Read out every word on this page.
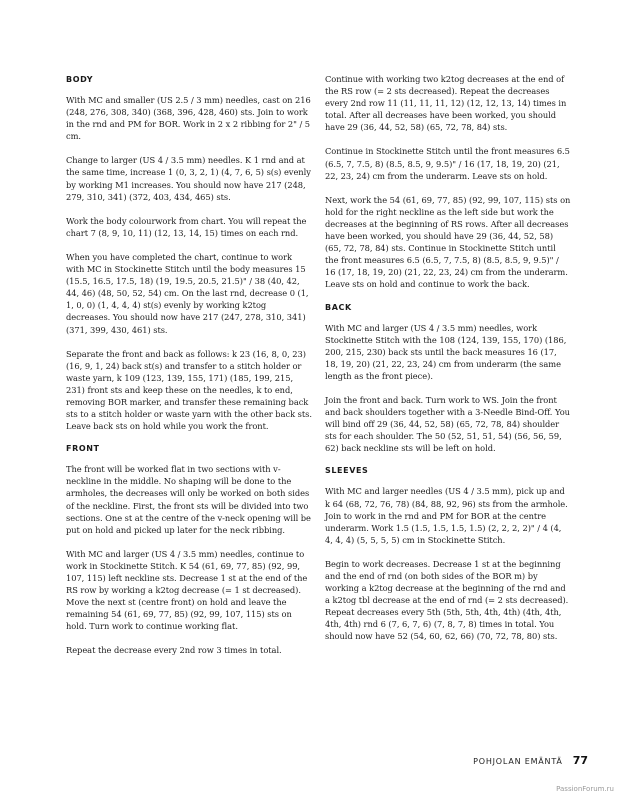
BODY

With MC and smaller (US 2.5 / 3 mm) needles, cast on 216 (248, 276, 308, 340) (368, 396, 428, 460) sts. Join to work in the rnd and PM for BOR. Work in 2 x 2 ribbing for 2" / 5 cm.

Change to larger (US 4 / 3.5 mm) needles. K 1 rnd and at the same time, increase 1 (0, 3, 2, 1) (4, 7, 6, 5) s(s) evenly by working M1 increases. You should now have 217 (248, 279, 310, 341) (372, 403, 434, 465) sts.

Work the body colourwork from chart. You will repeat the chart 7 (8, 9, 10, 11) (12, 13, 14, 15) times on each rnd.

When you have completed the chart, continue to work with MC in Stockinette Stitch until the body measures 15 (15.5, 16.5, 17.5, 18) (19, 19.5, 20.5, 21.5)" / 38 (40, 42, 44, 46) (48, 50, 52, 54) cm. On the last rnd, decrease 0 (1, 1, 0, 0) (1, 4, 4, 4) st(s) evenly by working k2tog decreases. You should now have 217 (247, 278, 310, 341) (371, 399, 430, 461) sts.

Separate the front and back as follows: k 23 (16, 8, 0, 23) (16, 9, 1, 24) back st(s) and transfer to a stitch holder or waste yarn, k 109 (123, 139, 155, 171) (185, 199, 215, 231) front sts and keep these on the needles, k to end, removing BOR marker, and transfer these remaining back sts to a stitch holder or waste yarn with the other back sts. Leave back sts on hold while you work the front.

FRONT

The front will be worked flat in two sections with v-neckline in the middle. No shaping will be done to the armholes, the decreases will only be worked on both sides of the neckline. First, the front sts will be divided into two sections. One st at the centre of the v-neck opening will be put on hold and picked up later for the neck ribbing.

With MC and larger (US 4 / 3.5 mm) needles, continue to work in Stockinette Stitch. K 54 (61, 69, 77, 85) (92, 99, 107, 115) left neckline sts. Decrease 1 st at the end of the RS row by working a k2tog decrease (= 1 st decreased). Move the next st (centre front) on hold and leave the remaining 54 (61, 69, 77, 85) (92, 99, 107, 115) sts on hold. Turn work to continue working flat.

Repeat the decrease every 2nd row 3 times in total.

Continue with working two k2tog decreases at the end of the RS row (= 2 sts decreased). Repeat the decreases every 2nd row 11 (11, 11, 11, 12) (12, 12, 13, 14) times in total. After all decreases have been worked, you should have 29 (36, 44, 52, 58) (65, 72, 78, 84) sts.

Continue in Stockinette Stitch until the front measures 6.5 (6.5, 7, 7.5, 8) (8.5, 8.5, 9, 9.5)" / 16 (17, 18, 19, 20) (21, 22, 23, 24) cm from the underarm. Leave sts on hold.

Next, work the 54 (61, 69, 77, 85) (92, 99, 107, 115) sts on hold for the right neckline as the left side but work the decreases at the beginning of RS rows. After all decreases have been worked, you should have 29 (36, 44, 52, 58) (65, 72, 78, 84) sts. Continue in Stockinette Stitch until the front measures 6.5 (6.5, 7, 7.5, 8) (8.5, 8.5, 9, 9.5)" / 16 (17, 18, 19, 20) (21, 22, 23, 24) cm from the underarm. Leave sts on hold and continue to work the back.

BACK

With MC and larger (US 4 / 3.5 mm) needles, work Stockinette Stitch with the 108 (124, 139, 155, 170) (186, 200, 215, 230) back sts until the back measures 16 (17, 18, 19, 20) (21, 22, 23, 24) cm from underarm (the same length as the front piece).

Join the front and back. Turn work to WS. Join the front and back shoulders together with a 3-Needle Bind-Off. You will bind off 29 (36, 44, 52, 58) (65, 72, 78, 84) shoulder sts for each shoulder. The 50 (52, 51, 51, 54) (56, 56, 59, 62) back neckline sts will be left on hold.

SLEEVES

With MC and larger needles (US 4 / 3.5 mm), pick up and k 64 (68, 72, 76, 78) (84, 88, 92, 96) sts from the armhole. Join to work in the rnd and PM for BOR at the centre underarm. Work 1.5 (1.5, 1.5, 1.5, 1.5) (2, 2, 2, 2)" / 4 (4, 4, 4, 4) (5, 5, 5, 5) cm in Stockinette Stitch.

Begin to work decreases. Decrease 1 st at the beginning and the end of rnd (on both sides of the BOR m) by working a k2tog decrease at the beginning of the rnd and a k2tog tbl decrease at the end of rnd (= 2 sts decreased). Repeat decreases every 5th (5th, 5th, 4th, 4th) (4th, 4th, 4th, 4th) rnd 6 (7, 6, 7, 6) (7, 8, 7, 8) times in total. You should now have 52 (54, 60, 62, 66) (70, 72, 78, 80) sts.

POHJOLAN EMÄNTÄ 77
PassionForum.ru
